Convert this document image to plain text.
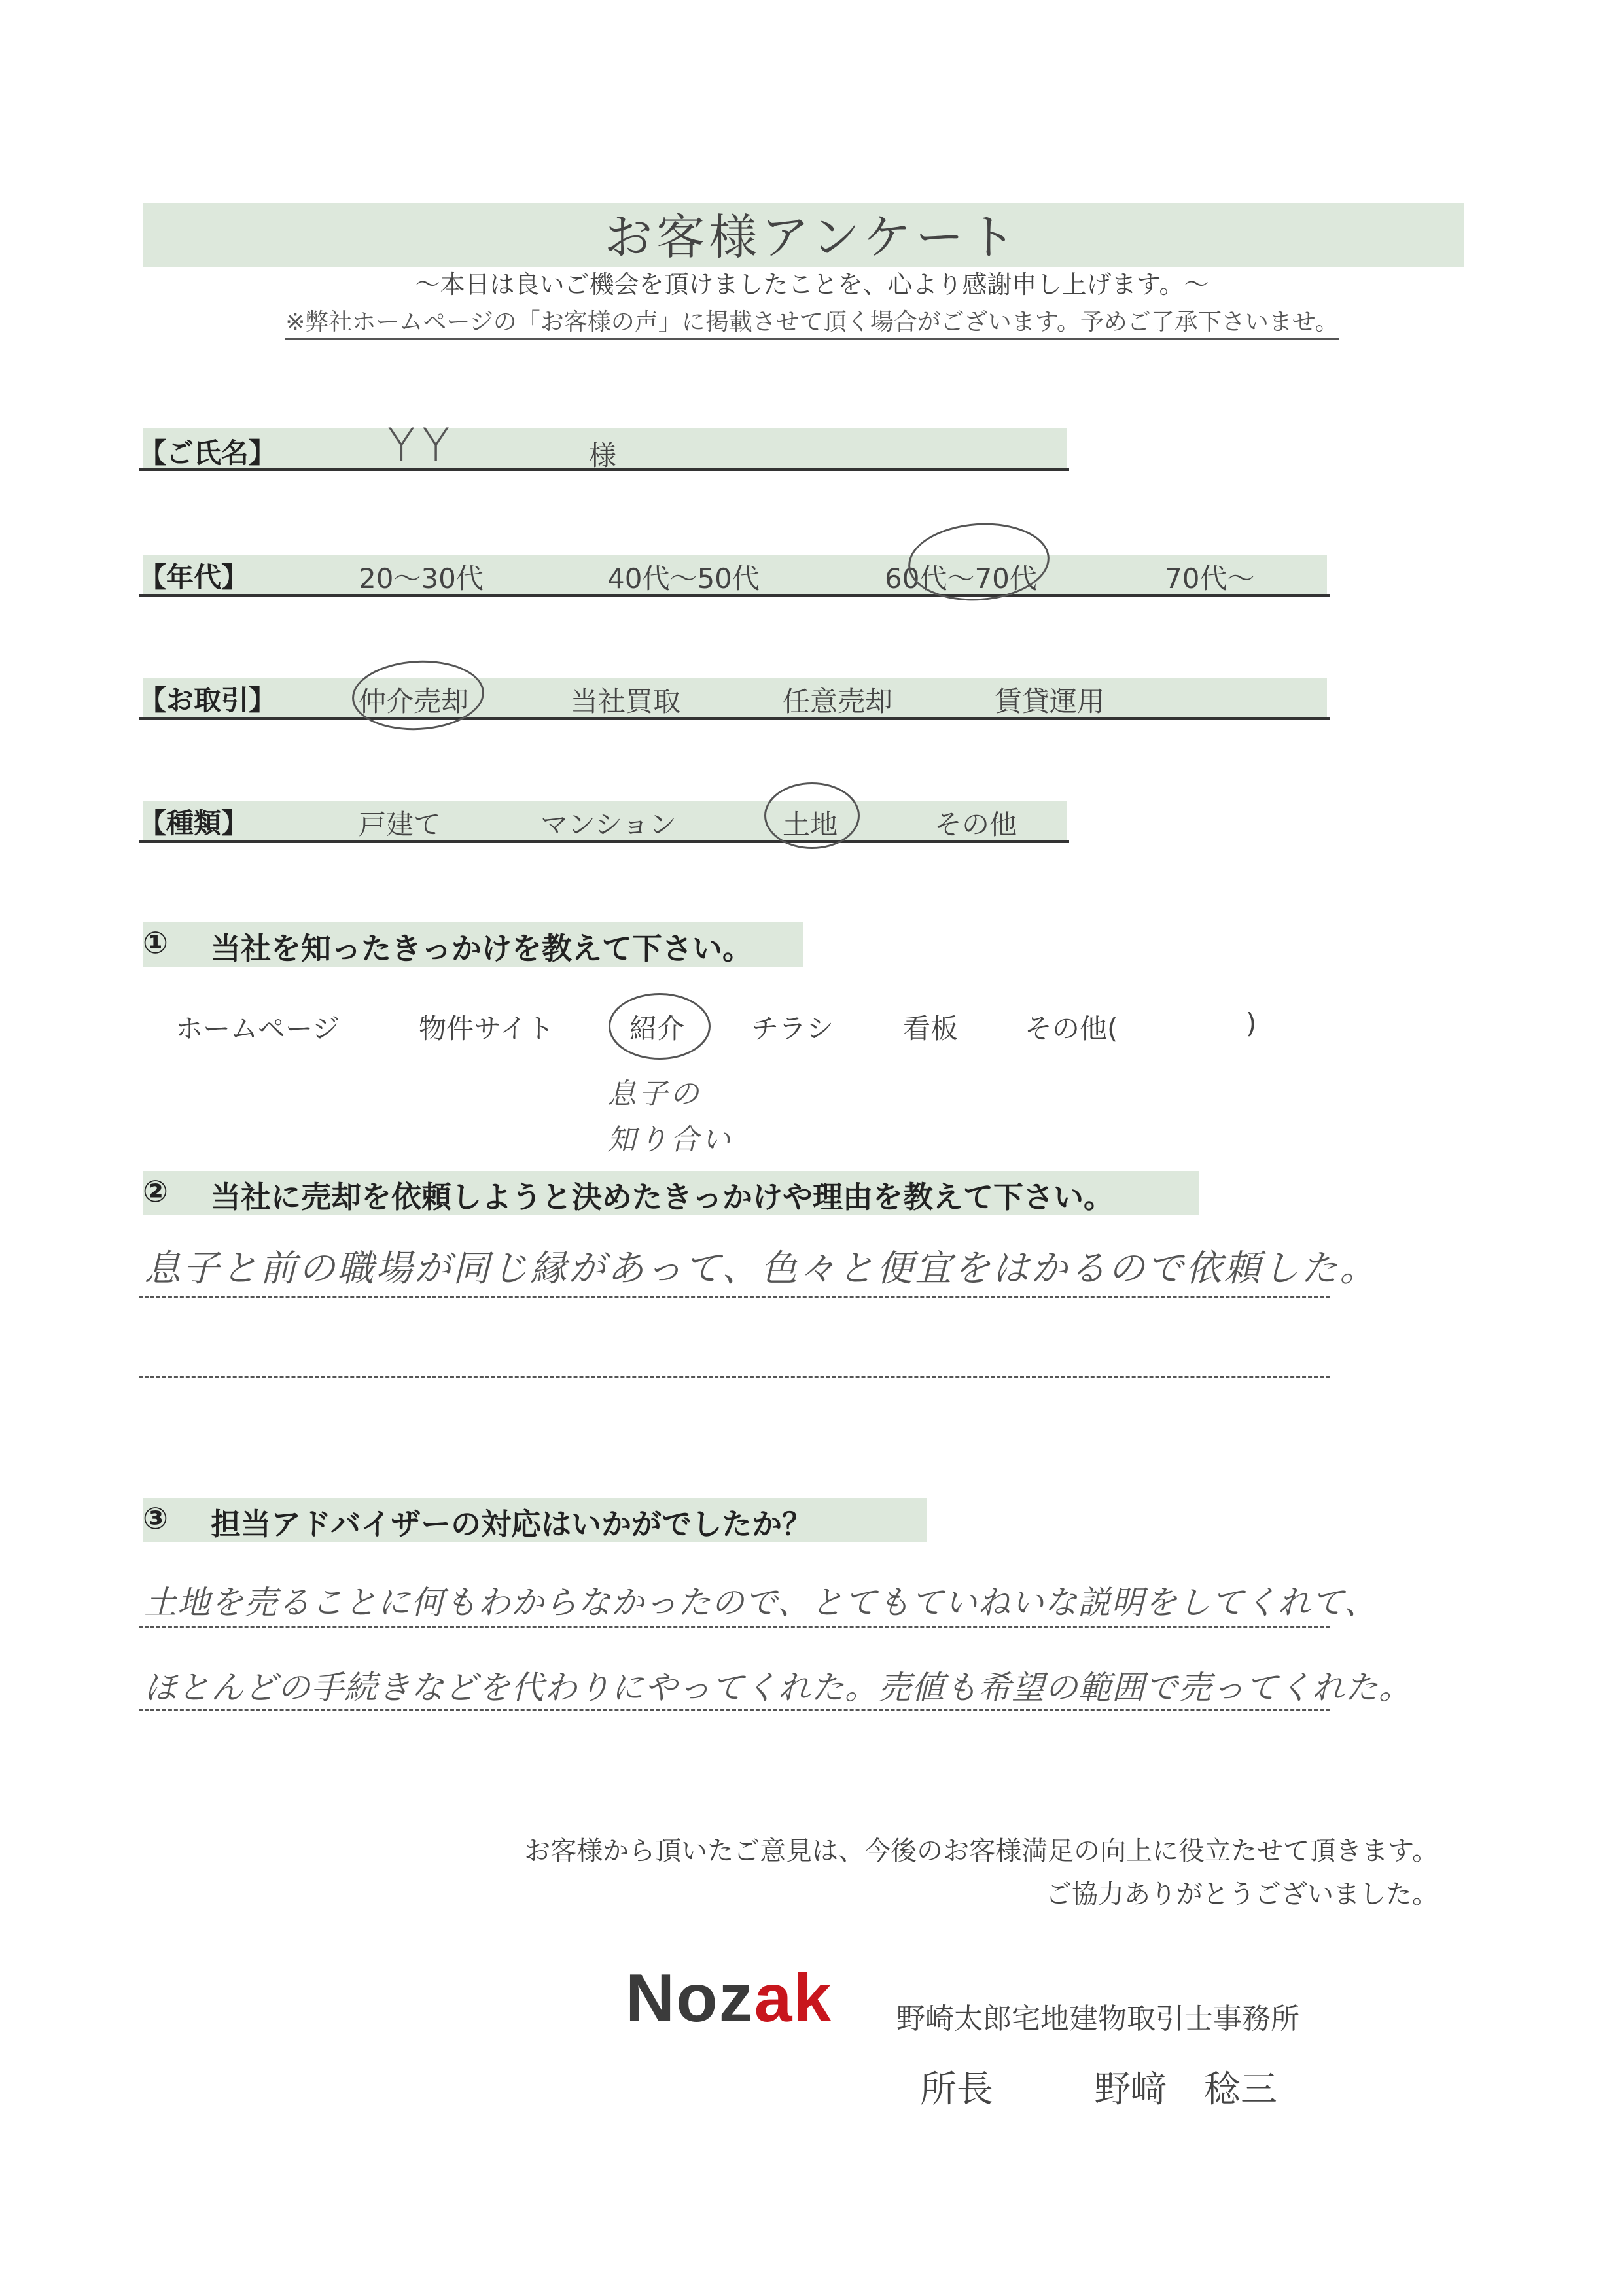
お客様アンケート
～本日は良いご機会を頂けましたことを、心より感謝申し上げます。～
※弊社ホームページの「お客様の声」に掲載させて頂く場合がございます。予めご了承下さいませ。
【ご氏名】 YY	様
【年代】	20～30代	40代～50代	60代～70代	70代～
【お取引】	仲介売却	当社買取	任意売却	賃貸運用
【種類】	戸建て	マンション	土地	その他
① 当社を知ったきっかけを教えて下さい。
ホームページ	物件サイト	紹介 チラシ	看板 その他(	)
息子の
知り合い
② 当社に売却を依頼しようと決めたきっかけや理由を教えて下さい。
息子と前の職場が同じ縁があって、色々と便宜をはかるので依頼した。
③ 担当アドバイザーの対応はいかがでしたか？
土地を売ることに何もわからなかったので、とてもていねいな説明をしてくれて、
ほとんどの手続きなどを代わりにやってくれた。売値も希望の範囲で売ってくれた。
お客様から頂いたご意見は、今後のお客様満足の向上に役立たせて頂きます。
ご協力ありがとうございました。
Nozak 野崎太郎宅地建物取引士事務所
所長	野﨑　稔三
